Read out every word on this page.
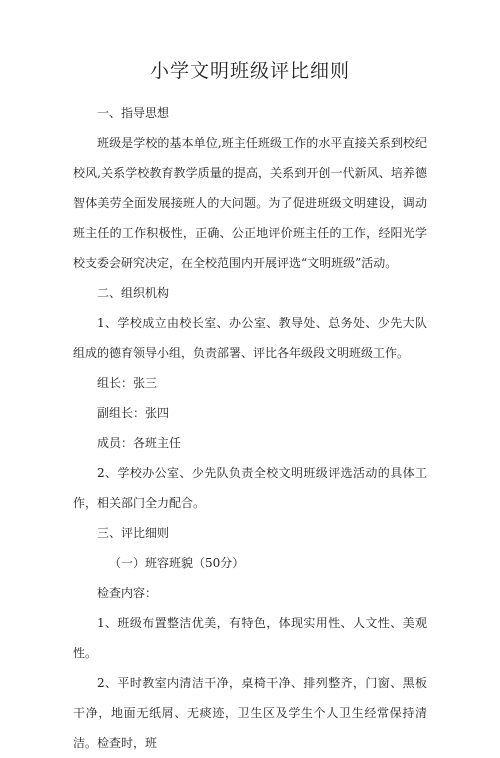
小学文明班级评比细则

一、指导思想

班级是学校的基本单位,班主任班级工作的水平直接关系到校纪校风,关系学校教育教学质量的提高，关系到开创一代新风、培养德智体美劳全面发展接班人的大问题。为了促进班级文明建设，调动班主任的工作积极性，正确、公正地评价班主任的工作，经阳光学校支委会研究决定，在全校范围内开展评选“文明班级”活动。

二、组织机构

1、学校成立由校长室、办公室、教导处、总务处、少先大队组成的德育领导小组，负责部署、评比各年级段文明班级工作。

组长：张三

副组长：张四

成员：各班主任

2、学校办公室、少先队负责全校文明班级评选活动的具体工作，相关部门全力配合。

三、评比细则

（一）班容班貌（50分）

检查内容：

1、班级布置整洁优美，有特色，体现实用性、人文性、美观性。

2、平时教室内清洁干净，桌椅干净、排列整齐，门窗、黑板干净，地面无纸屑、无痰迹，卫生区及学生个人卫生经常保持清洁。检查时，班
